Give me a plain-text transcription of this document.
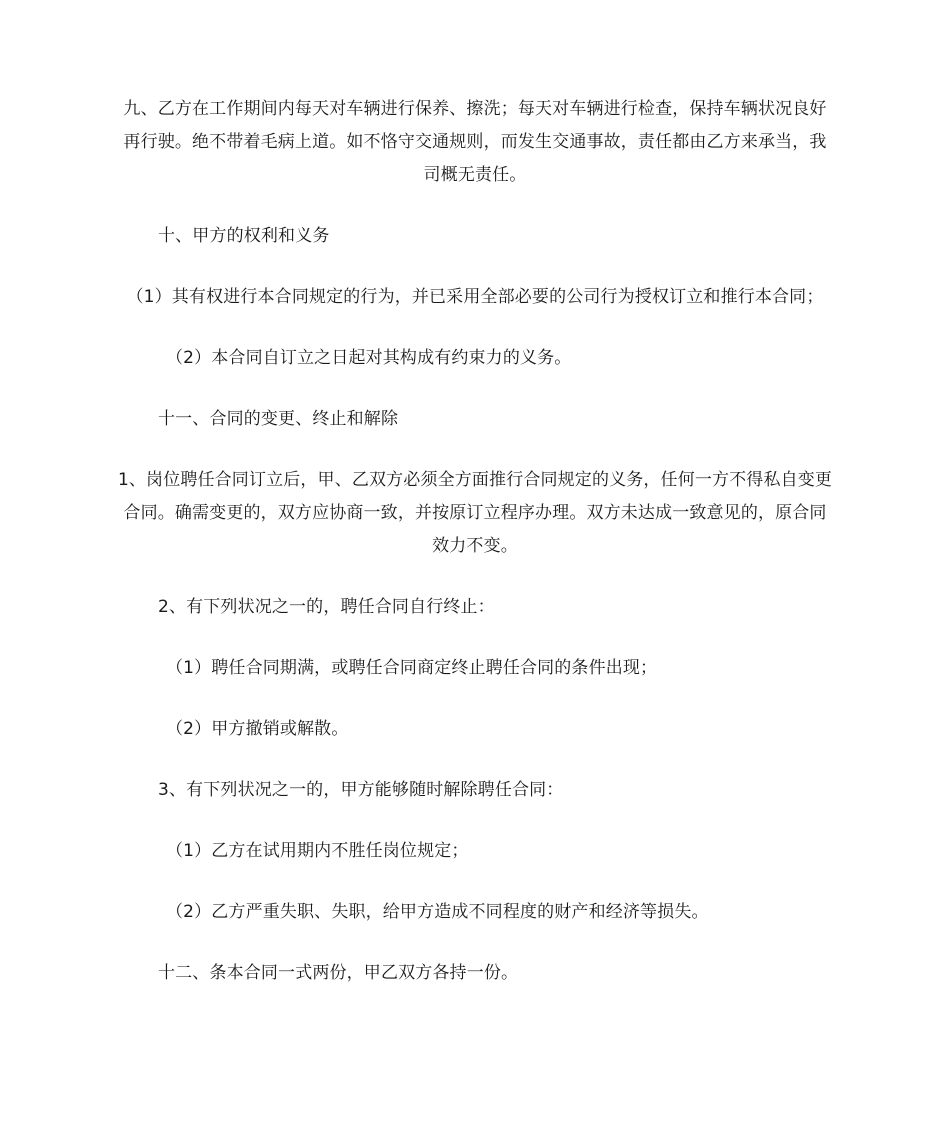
九、乙方在工作期间内每天对车辆进行保养、擦洗；每天对车辆进行检查，保持车辆状况良好再行驶。绝不带着毛病上道。如不恪守交通规则，而发生交通事故，责任都由乙方来承当，我司概无责任。

十、甲方的权利和义务

（1）其有权进行本合同规定的行为，并已采用全部必要的公司行为授权订立和推行本合同；

（2）本合同自订立之日起对其构成有约束力的义务。

十一、合同的变更、终止和解除

1、岗位聘任合同订立后，甲、乙双方必须全方面推行合同规定的义务，任何一方不得私自变更合同。确需变更的，双方应协商一致，并按原订立程序办理。双方未达成一致意见的，原合同效力不变。

2、有下列状况之一的，聘任合同自行终止：

（1）聘任合同期满，或聘任合同商定终止聘任合同的条件出现；

（2）甲方撤销或解散。

3、有下列状况之一的，甲方能够随时解除聘任合同：

（1）乙方在试用期内不胜任岗位规定；

（2）乙方严重失职、失职，给甲方造成不同程度的财产和经济等损失。

十二、条本合同一式两份，甲乙双方各持一份。
